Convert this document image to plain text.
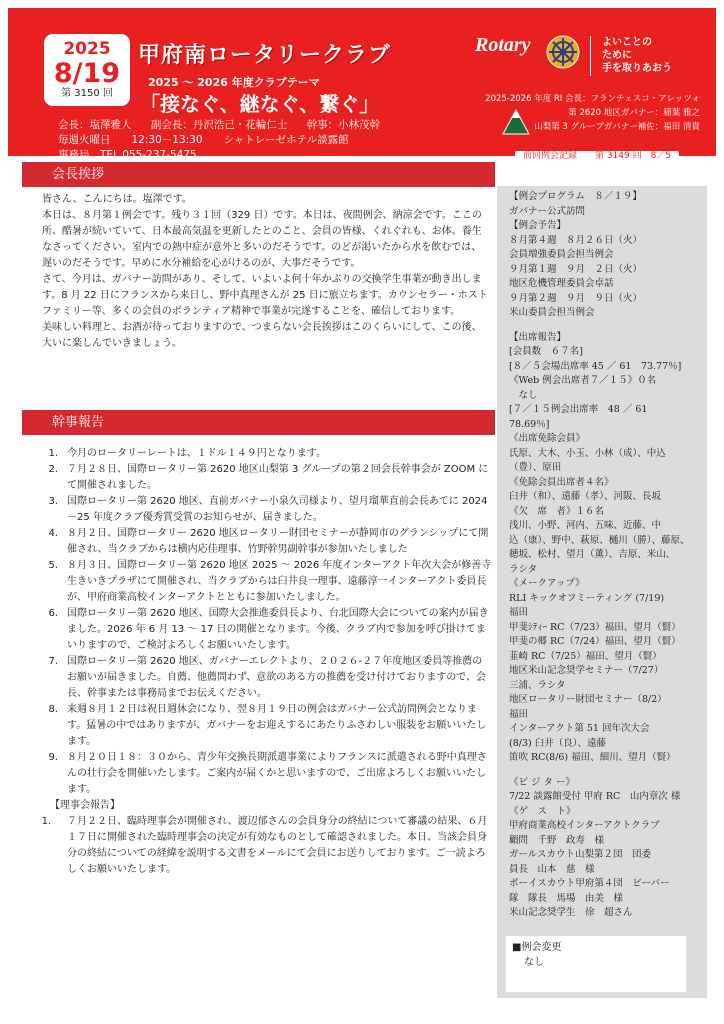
2025
8/19
第 3150 回
甲府南ロータリークラブ
2025 ～ 2026 年度クラブテーマ
「接なぐ、継なぐ、繋ぐ」
会長：塩澤雅人 副会長：丹沢浩己・花輪仁士 幹事：小林茂幹
毎週火曜日　　12:30－13:30　　シャトレーゼホテル談露館
事務局　TEL 055-237-5475
Rotary	よいことの
ために
手を取りあおう
2025-2026 年度 RI 会長：フランチェスコ・アレッツォ
第 2620 地区ガバナー：稲葉 雅之
山梨第 3 グループガバナー補佐：福田 清貴
前回例会記録　　第 3149 回　8／5
会長挨拶

皆さん、こんにちは。塩澤です。

本日は、８月第１例会です。残り３１回（329 日）です。本日は、夜間例会、納涼会です。ここの所、酷暑が続いていて、日本最高気温を更新したとのこと、会員の皆様、くれぐれも、お体、養生なさってください。室内での熱中症が意外と多いのだそうです。のどが渇いたから水を飲むでは、遅いのだそうです。早めに水分補給を心がけるのが、大事だそうです。

さて、今月は、ガバナー訪問があり、そして、いよいよ何十年かぶりの交換学生事業が動き出します。8 月 22 日にフランスから来日し、野中真理さんが 25 日に旅立ちます。カウンセラー・ホストファミリー等、多くの会員のボランティア精神で事業が完遂することを、確信しております。

美味しい料理と、お酒が待っておりますので、つまらない会長挨拶はこのくらいにして、この後、大いに楽しんでいきましょう。

幹事報告
1. 今月のロータリーレートは、１ドル１４９円となります。
2. ７月２８日、国際ロータリー第 2620 地区山梨第 3 グループの第２回会長幹事会が ZOOM にて開催されました。
3. 国際ロータリー第 2620 地区、直前ガバナー小泉久司様より、望月瑠華直前会長あてに 2024－25 年度クラブ優秀賞受賞のお知らせが、届きました。
4. ８月２日、国際ロータリー 2620 地区ロータリー財団セミナーが静岡市のグランシップにて開催され、当クラブからは横内応佳理事、竹野幹男副幹事が参加いたしました
5. ８月３日、国際ロータリー第 2620 地区 2025 ～ 2026 年度インターアクト年次大会が修善寺生きいきプラザにて開催され、当クラブからは臼井良一理事、遠藤淳一インターアクト委員長が、甲府商業高校インターアクトとともに参加いたしました。
6. 国際ロータリー第 2620 地区、国際大会推進委員長より、台北国際大会についての案内が届きました。2026 年 6 月 13 ～ 17 日の開催となります。今後、クラブ内で参加を呼び掛けてまいりますので、ご検討よろしくお願いいたします。
7. 国際ロータリー第 2620 地区、ガバナーエレクトより、２０２６-２７年度地区委員等推薦のお願いが届きました。自薦、他薦問わず、意欲のある方の推薦を受け付けておりますので、会長、幹事または事務局までお伝えください。
8. 来週８月１２日は祝日週休会になり、翌８月１９日の例会はガバナー公式訪問例会となります。猛暑の中ではありますが、ガバナーをお迎えするにあたりふさわしい服装をお願いいたします。
9. ８月２０日１８：３０から、青少年交換長期派遣事業によりフランスに派遣される野中真理さんの壮行会を開催いたします。ご案内が届くかと思いますので、ご出席よろしくお願いいたします。
【理事会報告】
1． ７月２２日、臨時理事会が開催され、渡辺郁さんの会員身分の終結について審議の結果、６月１７日に開催された臨時理事会の決定が有効なものとして確認されました。本日、当該会員身分の終結についての経緯を説明する文書をメールにて会員にお送りしております。ご一読よろしくお願いいたします。
【例会プログラム　８／１９】
ガバナー公式訪問
【例会予告】
８月第４週　８月２６日（火）
会員増強委員会担当例会
９月第１週　９月　２日（火）
地区危機管理委員会卓話
９月第２週　９月　９日（火）
米山委員会担当例会
【出席報告】
[会員数　６７名]
[８／５会場出席率 45 ／ 61　73.77％]
《Web 例会出席者７／１５》０名
　なし
[７／１５例会出席率　48 ／ 61
78.69％]
《出席免除会員》
氏原、大木、小玉、小林（成）、中込
（豊）、原田
《免除会員出席者４名》
臼井（和）、遠藤（孝）、河阪、長坂
《欠　席　者》１６名
浅川、小野、河内、五味、近藤、中
込（康）、野中、萩原、樋川（勝）、藤原、
穂坂、松村、望月（薫）、吉原、米山、
ラシタ
《メークアップ》
RLI キックオフミーティング (7/19)
福田
甲斐ｼﾃｨｰ RC（7/23）福田、望月（賢）
甲斐の郷 RC（7/24）福田、望月（賢）
韮崎 RC（7/25）福田、望月（賢）
地区米山記念奨学セミナー（7/27）
三浦、ラシタ
地区ロータリー財団セミナー（8/2）
福田
インターアクト第 51 回年次大会
(8/3) 臼井（良）、遠藤
笛吹 RC(8/6) 福田、細川、望月（賢）
《ビ ジ タ ー》
7/22 談露館受付 甲府 RC　山内章次 様
《ゲ　ス　ト》
甲府商業高校インターアクトクラブ
顧問　千野　政寿　様
ガールスカウト山梨第２団　団委
員長　山本　慈　様
ボーイスカウト甲府第４団　ビーバー
隊　隊長　馬場　由美　様
米山記念奨学生　徐　超さん
■例会変更
なし
